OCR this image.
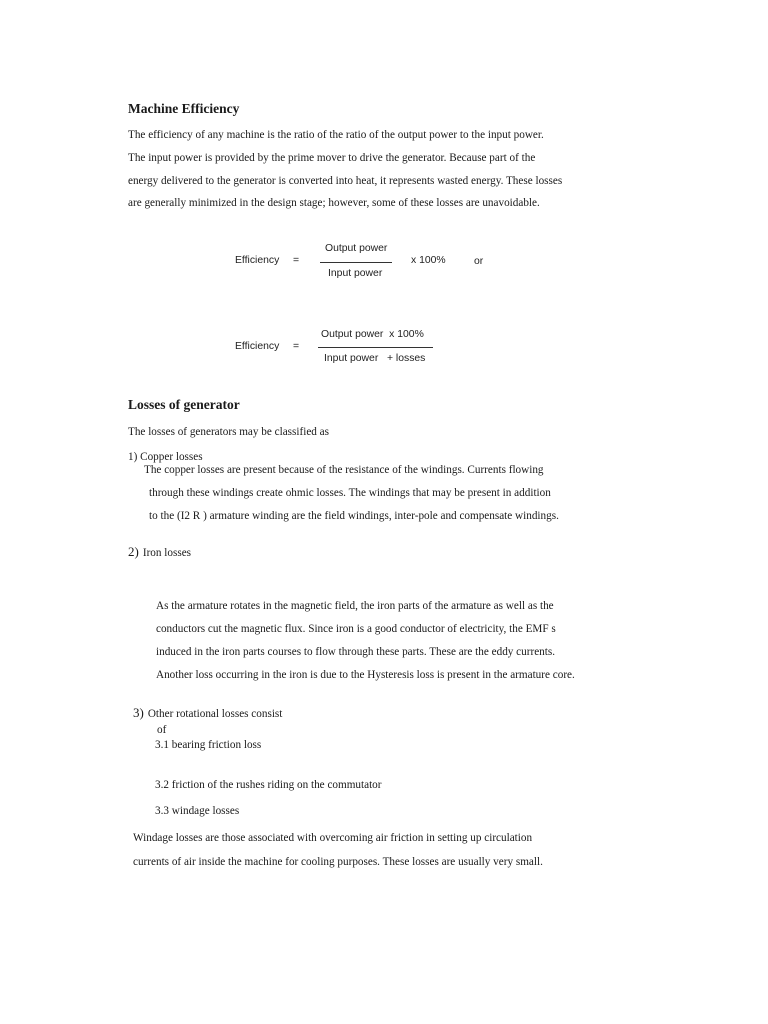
Machine Efficiency
The efficiency of any machine is the ratio of the ratio of the output power to the input power.
The input power is provided by the prime mover to drive the generator. Because part of the
energy delivered to the generator is converted into heat, it represents wasted energy. These losses
are generally minimized in the design stage; however, some of these losses are unavoidable.
Efficiency =
Output power
Input power
x 100%	or
Efficiency =
Output power  x 100%
Input power   + losses
Losses of generator
The losses of generators may be classified as
1) Copper losses
The copper losses are present because of the resistance of the windings. Currents flowing
through these windings create ohmic losses. The windings that may be present in addition
to the (I2 R ) armature winding are the field windings, inter-pole and compensate windings.
2) Iron losses
As the armature rotates in the magnetic field, the iron parts of the armature as well as the
conductors cut the magnetic flux. Since iron is a good conductor of electricity, the EMF s
induced in the iron parts courses to flow through these parts. These are the eddy currents.
Another loss occurring in the iron is due to the Hysteresis loss is present in the armature core.
3) Other rotational losses consist
of
3.1 bearing friction loss
3.2 friction of the rushes riding on the commutator
3.3 windage losses
Windage losses are those associated with overcoming air friction in setting up circulation
currents of air inside the machine for cooling purposes. These losses are usually very small.
